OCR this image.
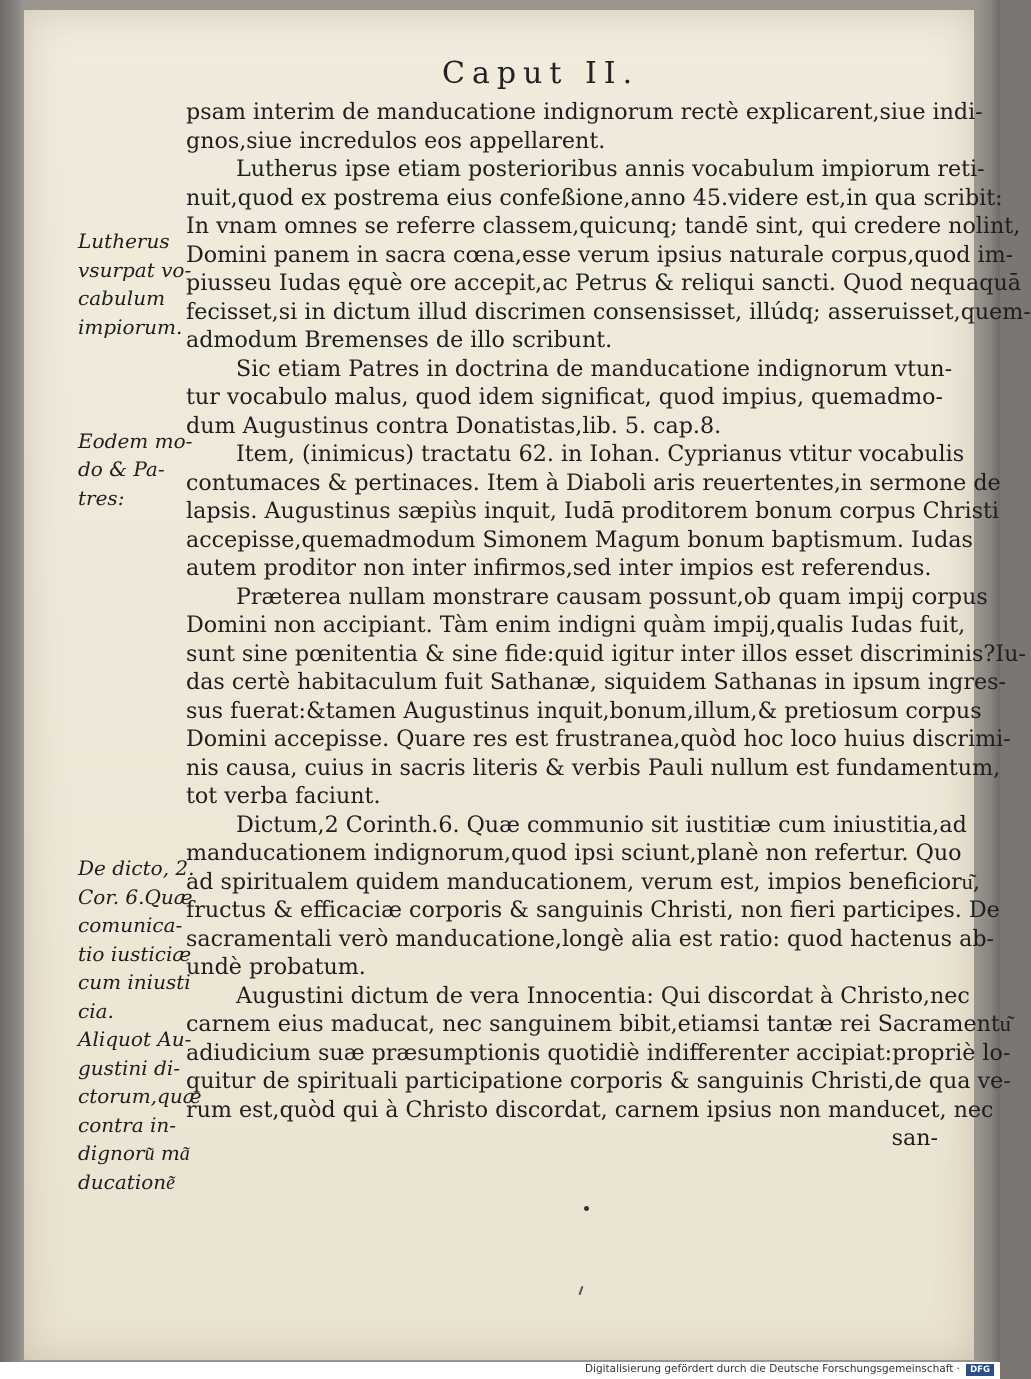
Caput II.
psam interim de manducatione indignorum rectè explicarent,siue indi-
gnos,siue incredulos eos appellarent.
Lutherus ipse etiam posterioribus annis vocabulum impiorum reti-
nuit,quod ex postrema eius confeßione,anno 45.videre est,in qua scribit:
In vnam omnes se referre classem,quicunq; tandē sint, qui credere nolint,
Domini panem in sacra cœna,esse verum ipsius naturale corpus,quod im-
piusseu Iudas ęquè ore accepit,ac Petrus & reliqui sancti. Quod nequaquā
fecisset,si in dictum illud discrimen consensisset, illúdq; asseruisset,quem-
admodum Bremenses de illo scribunt.
Sic etiam Patres in doctrina de manducatione indignorum vtun-
tur vocabulo malus, quod idem significat, quod impius, quemadmo-
dum Augustinus contra Donatistas,lib. 5. cap.8.
Item, (inimicus) tractatu 62. in Iohan. Cyprianus vtitur vocabulis
contumaces & pertinaces. Item à Diaboli aris reuertentes,in sermone de
lapsis. Augustinus sæpiùs inquit, Iudā proditorem bonum corpus Christi
accepisse,quemadmodum Simonem Magum bonum baptismum. Iudas
autem proditor non inter infirmos,sed inter impios est referendus.
Præterea nullam monstrare causam possunt,ob quam impij corpus
Domini non accipiant. Tàm enim indigni quàm impij,qualis Iudas fuit,
sunt sine pœnitentia & sine fide:quid igitur inter illos esset discriminis?Iu-
das certè habitaculum fuit Sathanæ, siquidem Sathanas in ipsum ingres-
sus fuerat:&tamen Augustinus inquit,bonum,illum,& pretiosum corpus
Domini accepisse. Quare res est frustranea,quòd hoc loco huius discrimi-
nis causa, cuius in sacris literis & verbis Pauli nullum est fundamentum,
tot verba faciunt.
Dictum,2 Corinth.6. Quæ communio sit iustitiæ cum iniustitia,ad
manducationem indignorum,quod ipsi sciunt,planè non refertur. Quo
ad spiritualem quidem manducationem, verum est, impios beneficioru͂,
fructus & efficaciæ corporis & sanguinis Christi, non fieri participes. De
sacramentali verò manducatione,longè alia est ratio: quod hactenus ab-
undè probatum.
Augustini dictum de vera Innocentia: Qui discordat à Christo,nec
carnem eius maducat, nec sanguinem bibit,etiamsi tantæ rei Sacramentu͂
adiudicium suæ præsumptionis quotidiè indifferenter accipiat:propriè lo-
quitur de spirituali participatione corporis & sanguinis Christi,de qua ve-
rum est,quòd qui à Christo discordat, carnem ipsius non manducet, nec
san-
Lutherus
vsurpat vo-
cabulum
impiorum.
Eodem mo-
do & Pa-
tres:
De dicto, 2.
Cor. 6.Quæ
comunica-
tio iusticiæ
cum iniusti
cia.
Aliquot Au-
gustini di-
ctorum,quæ
contra in-
dignoru͂ ma͂
ducatione͂
Digitalisierung gefördert durch die Deutsche Forschungsgemeinschaft ·	DFG
